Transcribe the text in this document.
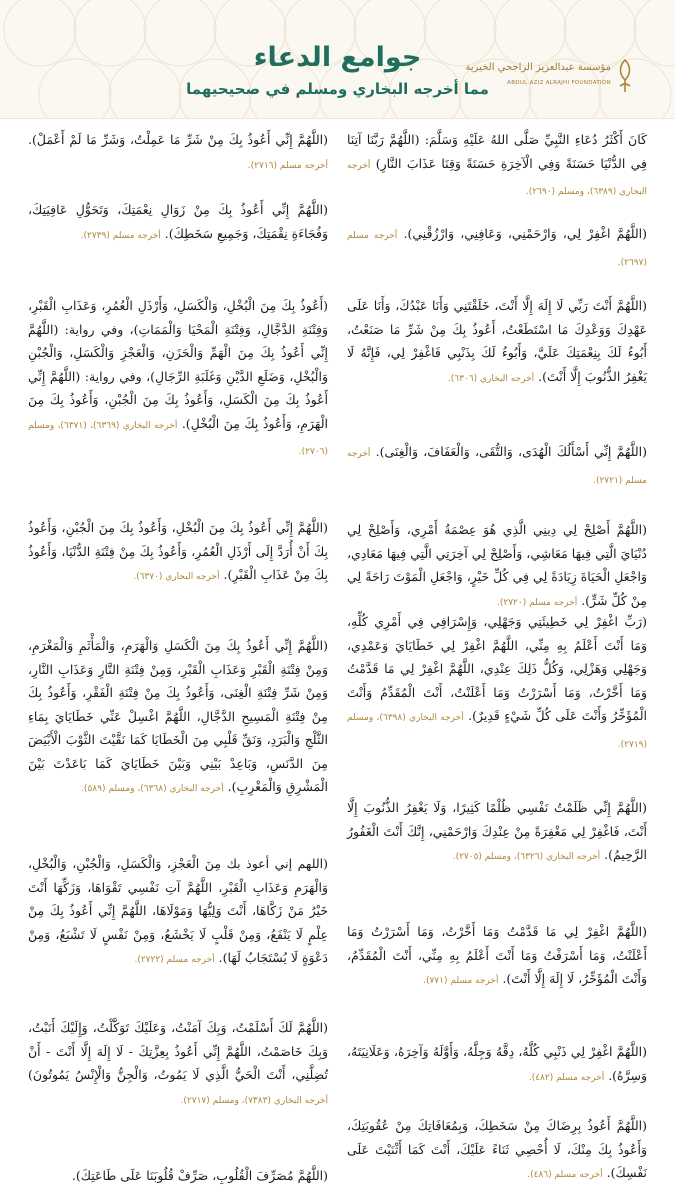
جوامع الدعاء
مما أخرجه البخاري ومسلم في صحيحيهما
مؤسسة عبدالعزيز الراجحي الخيرية
ABDUL AZIZ ALRAJHI FOUNDATION
كَانَ أَكْثَرُ دُعَاءِ النَّبِيِّ صَلَّى اللهُ عَلَيْهِ وَسَلَّمَ: (اللَّهُمَّ رَبَّنَا آتِنَا فِي الدُّنْيَا حَسَنَةً وَفِي الْآخِرَةِ حَسَنَةً وَقِنَا عَذَابَ النَّارِ) أخرجه البخاري (٦٣٨٩)، ومسلم (٢٦٩٠).
(اللَّهُمَّ اغْفِرْ لِي، وَارْحَمْنِي، وَعَافِنِي، وَارْزُقْنِي). أخرجه مسلم (٢٦٩٧).
(اللَّهُمَّ أَنْتَ رَبِّي لَا إِلَهَ إِلَّا أَنْتَ، خَلَقْتَنِي وَأَنَا عَبْدُكَ، وَأَنَا عَلَى عَهْدِكَ وَوَعْدِكَ مَا اسْتَطَعْتُ، أَعُوذُ بِكَ مِنْ شَرِّ مَا صَنَعْتُ، أَبُوءُ لَكَ بِنِعْمَتِكَ عَلَيَّ، وَأَبُوءُ لَكَ بِذَنْبِي فَاغْفِرْ لِي، فَإِنَّهُ لَا يَغْفِرُ الذُّنُوبَ إِلَّا أَنْتَ). أخرجه البخاري (٦٣٠٦).
(اللَّهُمَّ إِنِّي أَسْأَلُكَ الْهُدَى، وَالتُّقَى، وَالْعَفَافَ، وَالْغِنَى). أخرجه مسلم (٢٧٢١).
(اللَّهُمَّ أَصْلِحْ لِي دِينِي الَّذِي هُوَ عِصْمَةُ أَمْرِي، وَأَصْلِحْ لِي دُنْيَايَ الَّتِي فِيهَا مَعَاشِي، وَأَصْلِحْ لِي آخِرَتِي الَّتِي فِيهَا مَعَادِي، وَاجْعَلِ الْحَيَاةَ زِيَادَةً لِي فِي كُلِّ خَيْرٍ، وَاجْعَلِ الْمَوْتَ رَاحَةً لِي مِنْ كُلِّ شَرٍّ). أخرجه مسلم (٢٧٢٠).
(رَبِّ اغْفِرْ لِي خَطِيئَتِي وَجَهْلِي، وَإِسْرَافِي فِي أَمْرِي كُلِّهِ، وَمَا أَنْتَ أَعْلَمُ بِهِ مِنِّي، اللَّهُمَّ اغْفِرْ لِي خَطَايَايَ وَعَمْدِي، وَجَهْلِي وَهَزْلِي، وَكُلُّ ذَلِكَ عِنْدِي، اللَّهُمَّ اغْفِرْ لِي مَا قَدَّمْتُ وَمَا أَخَّرْتُ، وَمَا أَسْرَرْتُ وَمَا أَعْلَنْتُ، أَنْتَ الْمُقَدِّمُ وَأَنْتَ الْمُؤَخِّرُ وَأَنْتَ عَلَى كُلِّ شَيْءٍ قَدِيرٌ). أخرجه البخاري (٦٣٩٨)، ومسلم (٢٧١٩).
(اللَّهُمَّ إِنِّي ظَلَمْتُ نَفْسِي ظُلْمًا كَثِيرًا، وَلَا يَغْفِرُ الذُّنُوبَ إِلَّا أَنْتَ، فَاغْفِرْ لِي مَغْفِرَةً مِنْ عِنْدِكَ وَارْحَمْنِي، إِنَّكَ أَنْتَ الْغَفُورُ الرَّحِيمُ). أخرجه البخاري (٦٣٢٦)، ومسلم (٢٧٠٥).
(اللَّهُمَّ اغْفِرْ لِي مَا قَدَّمْتُ وَمَا أَخَّرْتُ، وَمَا أَسْرَرْتُ وَمَا أَعْلَنْتُ، وَمَا أَسْرَفْتُ وَمَا أَنْتَ أَعْلَمُ بِهِ مِنِّي، أَنْتَ الْمُقَدِّمُ، وَأَنْتَ الْمُؤَخِّرُ، لَا إِلَهَ إِلَّا أَنْتَ). أخرجه مسلم (٧٧١).
(اللَّهُمَّ اغْفِرْ لِي ذَنْبِي كُلَّهُ، دِقَّهُ وَجِلَّهُ، وَأَوَّلَهُ وَآخِرَهُ، وَعَلَانِيَتَهُ، وَسِرَّهُ). أخرجه مسلم (٤٨٢).
(اللَّهُمَّ أَعُوذُ بِرِضَاكَ مِنْ سَخَطِكَ، وَبِمُعَافَاتِكَ مِنْ عُقُوبَتِكَ، وَأَعُوذُ بِكَ مِنْكَ، لَا أُحْصِي ثَنَاءً عَلَيْكَ، أَنْتَ كَمَا أَثْنَيْتَ عَلَى نَفْسِكَ). أخرجه مسلم (٤٨٦).
(اللَّهُمَّ إِنِّي أَعُوذُ بِكَ مِنْ شَرِّ مَا عَمِلْتُ، وَشَرِّ مَا لَمْ أَعْمَلْ). أخرجه مسلم (٢٧١٦).
(اللَّهُمَّ إِنِّي أَعُوذُ بِكَ مِنْ زَوَالِ نِعْمَتِكَ، وَتَحَوُّلِ عَافِيَتِكَ، وَفُجَاءَةِ نِقْمَتِكَ، وَجَمِيعِ سَخَطِكَ). أخرجه مسلم (٢٧٣٩).
(أَعُوذُ بِكَ مِنَ الْبُخْلِ، وَالْكَسَلِ، وَأَرْذَلِ الْعُمُرِ، وَعَذَابِ الْقَبْرِ، وَفِتْنَةِ الدَّجَّالِ، وَفِتْنَةِ الْمَحْيَا وَالْمَمَاتِ)، وفي رواية: (اللَّهُمَّ إِنِّي أَعُوذُ بِكَ مِنَ الْهَمِّ وَالْحَزَنِ، وَالْعَجْزِ وَالْكَسَلِ، وَالْجُبْنِ وَالْبُخْلِ، وَضَلَعِ الدَّيْنِ وَغَلَبَةِ الرِّجَالِ)، وفي رواية: (اللَّهُمَّ إِنِّي أَعُوذُ بِكَ مِنَ الْكَسَلِ، وَأَعُوذُ بِكَ مِنَ الْجُبْنِ، وَأَعُوذُ بِكَ مِنَ الْهَرَمِ، وَأَعُوذُ بِكَ مِنَ الْبُخْلِ). أخرجه البخاري (٦٣٦٩)، (٦٣٧١)، ومسلم (٢٧٠٦).
(اللَّهُمَّ إِنِّي أَعُوذُ بِكَ مِنَ الْبُخْلِ، وَأَعُوذُ بِكَ مِنَ الْجُبْنِ، وَأَعُوذُ بِكَ أَنْ أُرَدَّ إِلَى أَرْذَلِ الْعُمُرِ، وَأَعُوذُ بِكَ مِنْ فِتْنَةِ الدُّنْيَا، وَأَعُوذُ بِكَ مِنْ عَذَابِ الْقَبْرِ). أخرجه البخاري (٦٣٧٠).
(اللَّهُمَّ إِنِّي أَعُوذُ بِكَ مِنَ الْكَسَلِ وَالْهَرَمِ، وَالْمَأْثَمِ وَالْمَغْرَمِ، وَمِنْ فِتْنَةِ الْقَبْرِ وَعَذَابِ الْقَبْرِ، وَمِنْ فِتْنَةِ النَّارِ وَعَذَابِ النَّارِ، وَمِنْ شَرِّ فِتْنَةِ الْغِنَى، وَأَعُوذُ بِكَ مِنْ فِتْنَةِ الْفَقْرِ، وَأَعُوذُ بِكَ مِنْ فِتْنَةِ الْمَسِيحِ الدَّجَّالِ، اللَّهُمَّ اغْسِلْ عَنِّي خَطَايَايَ بِمَاءِ الثَّلْجِ وَالْبَرَدِ، وَنَقِّ قَلْبِي مِنَ الْخَطَايَا كَمَا نَقَّيْتَ الثَّوْبَ الْأَبْيَضَ مِنَ الدَّنَسِ، وَبَاعِدْ بَيْنِي وَبَيْنَ خَطَايَايَ كَمَا بَاعَدْتَ بَيْنَ الْمَشْرِقِ وَالْمَغْرِبِ). أخرجه البخاري (٦٣٦٨)، ومسلم (٥٨٩).
(اللهم إني أعوذ بك مِنَ الْعَجْزِ، وَالْكَسَلِ، وَالْجُبْنِ، وَالْبُخْلِ، وَالْهَرَمِ وَعَذَابِ الْقَبْرِ، اللَّهُمَّ آتِ نَفْسِي تَقْوَاهَا، وَزَكِّهَا أَنْتَ خَيْرُ مَنْ زَكَّاهَا، أَنْتَ وَلِيُّهَا وَمَوْلَاهَا، اللَّهُمَّ إِنِّي أَعُوذُ بِكَ مِنْ عِلْمٍ لَا يَنْفَعُ، وَمِنْ قَلْبٍ لَا يَخْشَعُ، وَمِنْ نَفْسٍ لَا تَشْبَعُ، وَمِنْ دَعْوَةٍ لَا يُسْتَجَابُ لَهَا). أخرجه مسلم (٢٧٢٢).
(اللَّهُمَّ لَكَ أَسْلَمْتُ، وَبِكَ آمَنْتُ، وَعَلَيْكَ تَوَكَّلْتُ، وَإِلَيْكَ أَنَبْتُ، وَبِكَ خَاصَمْتُ، اللَّهُمَّ إِنِّي أَعُوذُ بِعِزَّتِكَ - لَا إِلَهَ إِلَّا أَنْتَ - أَنْ تُضِلَّنِي، أَنْتَ الْحَيُّ الَّذِي لَا يَمُوتُ، وَالْجِنُّ وَالْإِنْسُ يَمُوتُونَ) أخرجه البخاري (٧٣٨٣)، ومسلم (٢٧١٧).
(اللَّهُمَّ مُصَرِّفَ الْقُلُوبِ، صَرِّفْ قُلُوبَنَا عَلَى طَاعَتِكَ).
